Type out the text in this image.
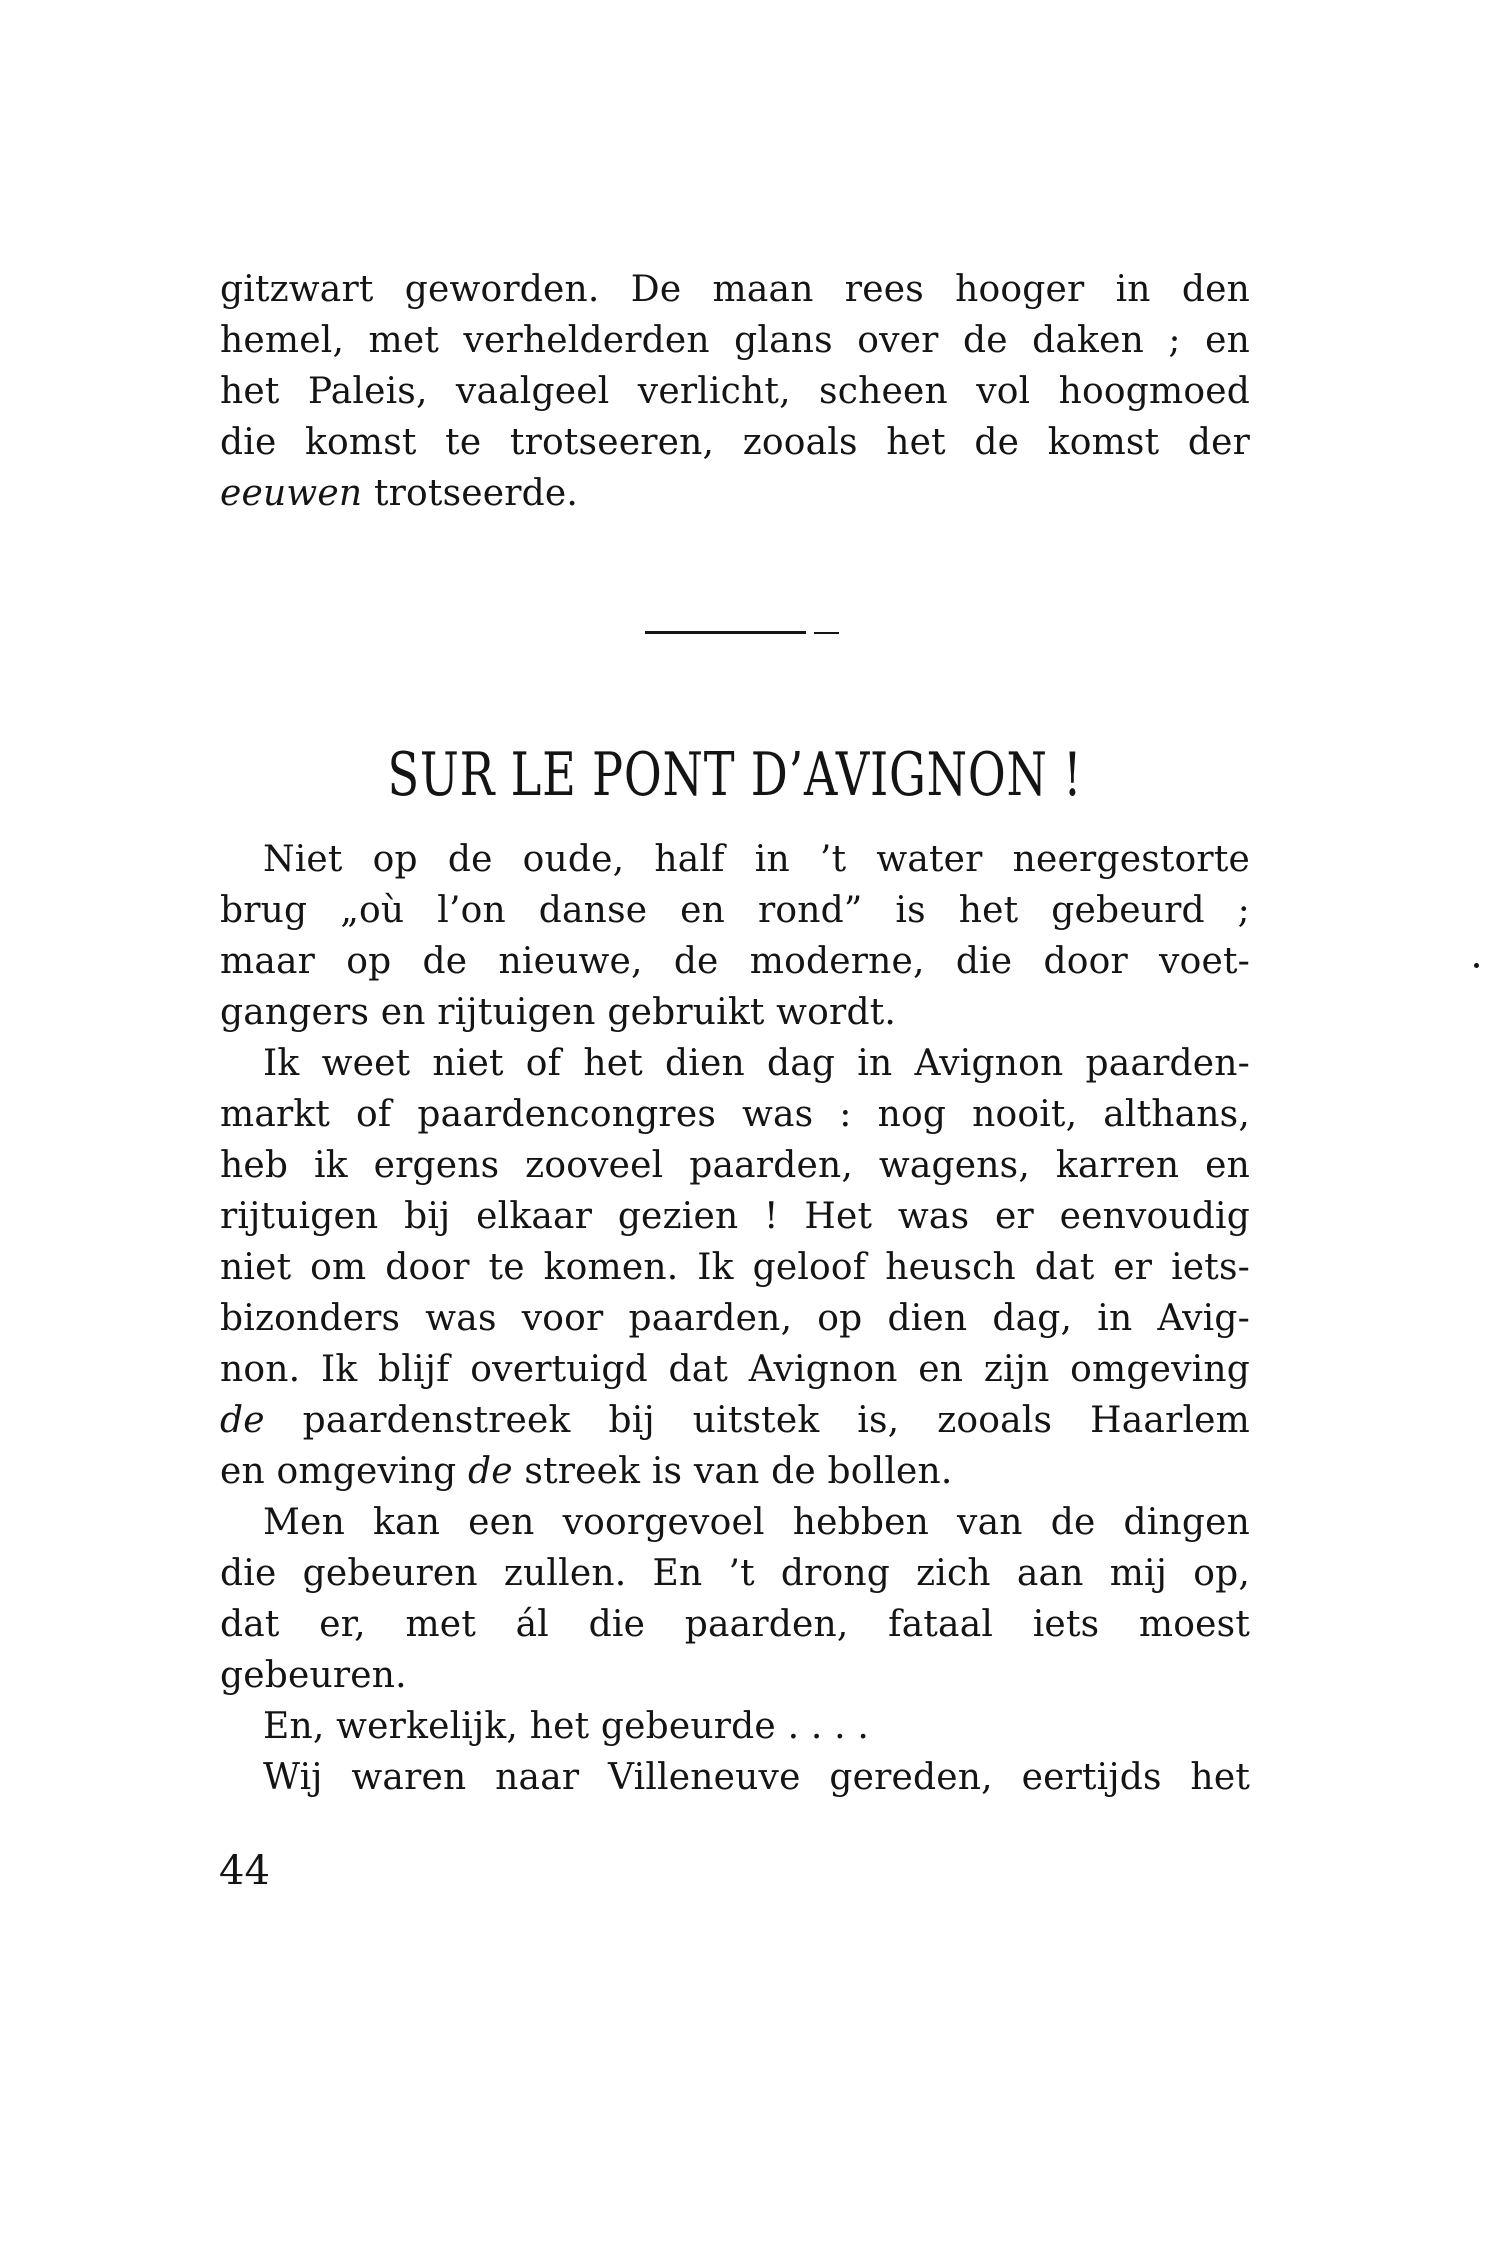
gitzwart geworden. De maan rees hooger in den
hemel, met verhelderden glans over de daken ; en
het Paleis, vaalgeel verlicht, scheen vol hoogmoed
die komst te trotseeren, zooals het de komst der
eeuwen trotseerde.
SUR LE PONT D’AVIGNON !
Niet op de oude, half in ’t water neergestorte
brug „où l’on danse en rond” is het gebeurd ;
maar op de nieuwe, de moderne, die door voet-
gangers en rijtuigen gebruikt wordt.
Ik weet niet of het dien dag in Avignon paarden-
markt of paardencongres was : nog nooit, althans,
heb ik ergens zooveel paarden, wagens, karren en
rijtuigen bij elkaar gezien ! Het was er eenvoudig
niet om door te komen. Ik geloof heusch dat er iets-
bizonders was voor paarden, op dien dag, in Avig-
non. Ik blijf overtuigd dat Avignon en zijn omgeving
de paardenstreek bij uitstek is, zooals Haarlem
en omgeving de streek is van de bollen.
Men kan een voorgevoel hebben van de dingen
die gebeuren zullen. En ’t drong zich aan mij op,
dat er, met ál die paarden, fataal iets moest
gebeuren.
En, werkelijk, het gebeurde . . . .
Wij waren naar Villeneuve gereden, eertijds het
44
